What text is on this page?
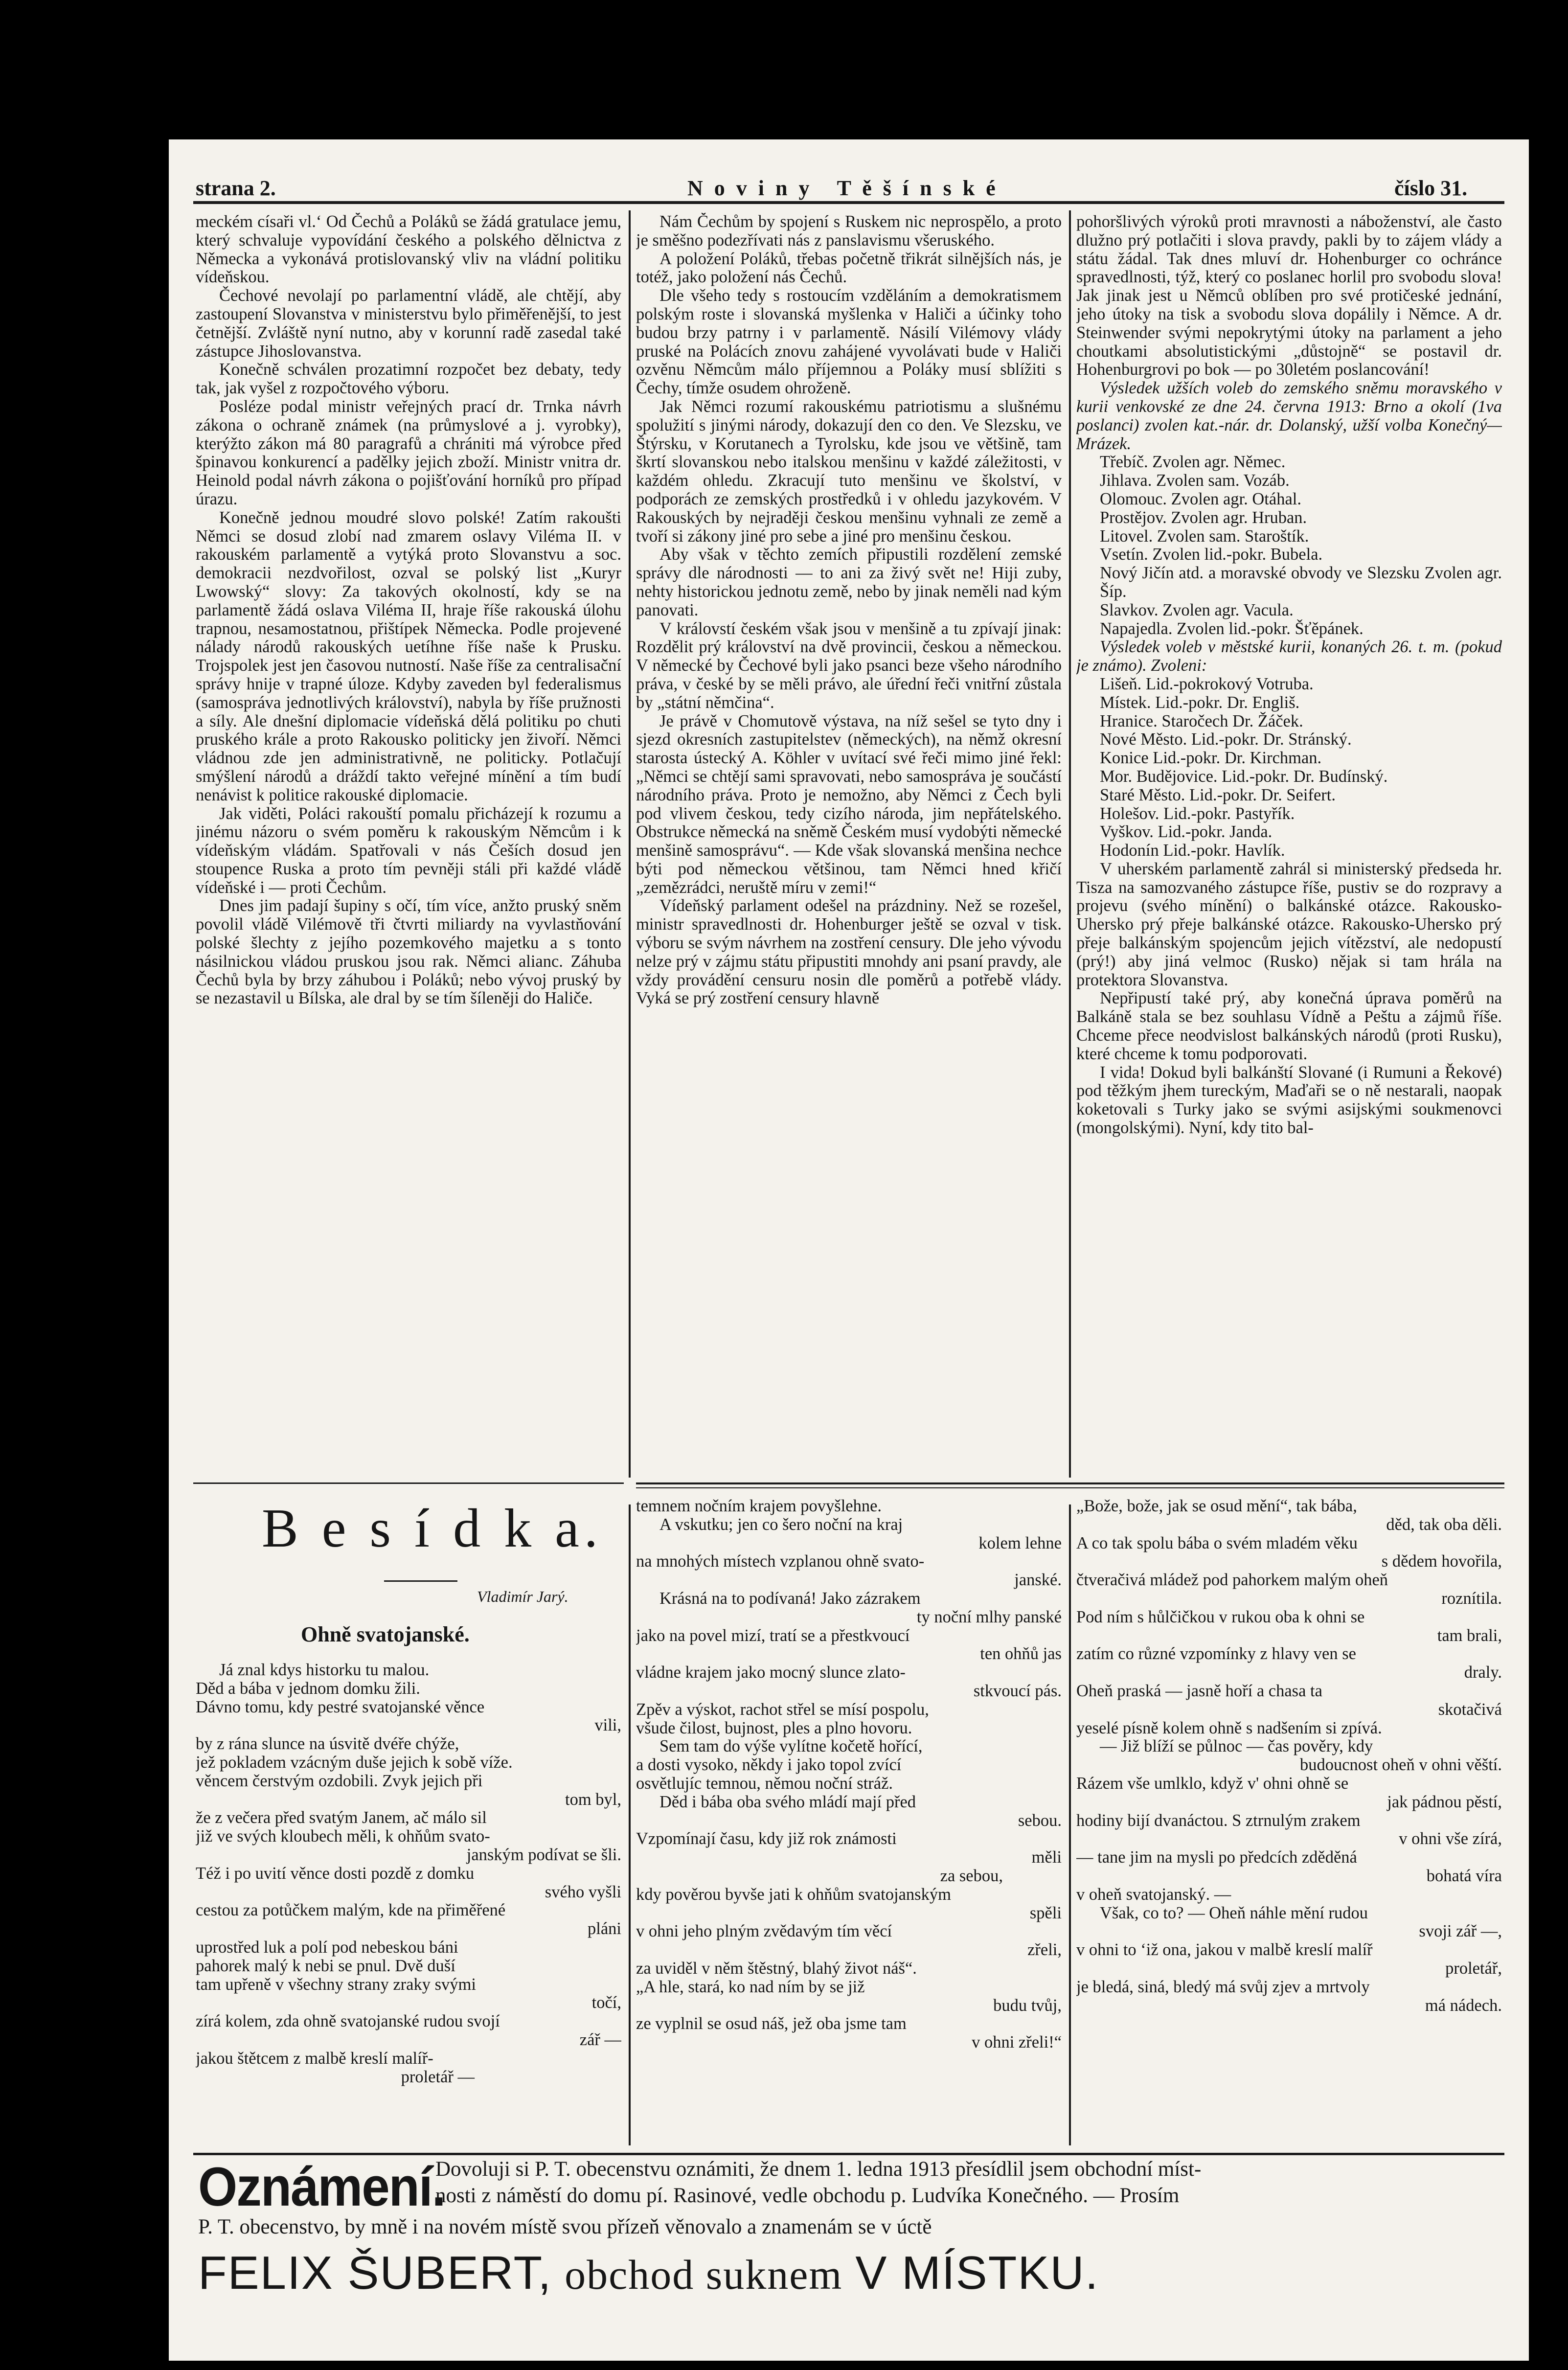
strana 2.	N o v i n y   T ě š í n s k é	číslo 31.

meckém císaři vl.‘ Od Čechů a Poláků se žádá gratulace jemu, který schvaluje vypovídání českého a polského dělnictva z Německa a vykonává protislovanský vliv na vládní politiku vídeňskou.

Čechové nevolají po parlamentní vládě, ale chtějí, aby zastoupení Slovanstva v ministerstvu bylo přiměřenější, to jest četnější. Zvláště nyní nutno, aby v korunní radě zasedal také zástupce Jihoslovanstva.

Konečně schválen prozatimní rozpočet bez debaty, tedy tak, jak vyšel z rozpočtového výboru.

Posléze podal ministr veřejných prací dr. Trnka návrh zákona o ochraně známek (na průmyslové a j. vyrobky), kterýžto zákon má 80 paragrafů a chrániti má výrobce před špinavou konkurencí a padělky jejich zboží. Ministr vnitra dr. Heinold podal návrh zákona o pojišťování horníků pro případ úrazu.

Konečně jednou moudré slovo polské! Zatím rakoušti Němci se dosud zlobí nad zmarem oslavy Viléma II. v rakouském parlamentě a vytýká proto Slovanstvu a soc. demokracii nezdvořilost, ozval se polský list „Kuryr Lwowský“ slovy: Za takových okolností, kdy se na parlamentě žádá oslava Viléma II, hraje říše rakouská úlohu trapnou, nesamostatnou, přištípek Německa. Podle projevené nálady národů rakouských uetíhne říše naše k Prusku. Trojspolek jest jen časovou nutností. Naše říše za centralisační správy hnije v trapné úloze. Kdyby zaveden byl federalismus (samospráva jednotlivých království), nabyla by říše pružnosti a síly. Ale dnešní diplomacie vídeňská dělá politiku po chuti pruského krále a proto Rakousko politicky jen živoří. Němci vládnou zde jen administrativně, ne politicky. Potlačují smýšlení národů a dráždí takto veřejné mínění a tím budí nenávist k politice rakouské diplomacie.

Jak viděti, Poláci rakouští pomalu přicházejí k rozumu a jinému názoru o svém poměru k rakouským Němcům i k vídeňským vládám. Spatřovali v nás Češích dosud jen stoupence Ruska a proto tím pevněji stáli při každé vládě vídeňské i — proti Čechům.

Dnes jim padají šupiny s očí, tím více, anžto pruský sněm povolil vládě Vilémově tři čtvrti miliardy na vyvlastňování polské šlechty z jejího pozemkového majetku a s tonto násilnickou vládou pruskou jsou rak. Němci alianc. Záhuba Čechů byla by brzy záhubou i Poláků; nebo vývoj pruský by se nezastavil u Bílska, ale dral by se tím šíleněji do Haliče.

Nám Čechům by spojení s Ruskem nic neprospělo, a proto je směšno podezřívati nás z panslavismu všeruského.

A položení Poláků, třebas početně třikrát silnějších nás, je totéž, jako položení nás Čechů.

Dle všeho tedy s rostoucím vzděláním a demokratismem polským roste i slovanská myšlenka v Haliči a účinky toho budou brzy patrny i v parlamentě. Násilí Vilémovy vlády pruské na Polácích znovu zahájené vyvolávati bude v Haliči ozvěnu Němcům málo příjemnou a Poláky musí sblížiti s Čechy, tímže osudem ohroženě.

Jak Němci rozumí rakouskému patriotismu a slušnému spolužití s jinými národy, dokazují den co den. Ve Slezsku, ve Štýrsku, v Korutanech a Tyrolsku, kde jsou ve většině, tam škrtí slovanskou nebo italskou menšinu v každé záležitosti, v každém ohledu. Zkracují tuto menšinu ve školství, v podporách ze zemských prostředků i v ohledu jazykovém. V Rakouských by nejraději českou menšinu vyhnali ze země a tvoří si zákony jiné pro sebe a jiné pro menšinu českou.

Aby však v těchto zemích připustili rozdělení zemské správy dle národnosti — to ani za živý svět ne! Hiji zuby, nehty historickou jednotu země, nebo by jinak neměli nad kým panovati.

V královstí českém však jsou v menšině a tu zpívají jinak: Rozdělit prý království na dvě provincii, českou a německou. V německé by Čechové byli jako psanci beze všeho národního práva, v české by se měli právo, ale úřední řeči vnitřní zůstala by „státní němčina“.

Je právě v Chomutově výstava, na níž sešel se tyto dny i sjezd okresních zastupitelstev (německých), na němž okresní starosta ústecký A. Köhler v uvítací své řeči mimo jiné řekl: „Němci se chtějí sami spravovati, nebo samospráva je součástí národního práva. Proto je nemožno, aby Němci z Čech byli pod vlivem českou, tedy cizího národa, jim nepřátelského. Obstrukce německá na sněmě Českém musí vydobýti německé menšině samosprávu“. — Kde však slovanská menšina nechce býti pod německou většinou, tam Němci hned křičí „zemězrádci, neruště míru v zemi!“

Vídeňský parlament odešel na prázdniny. Než se rozešel, ministr spravedlnosti dr. Hohenburger ještě se ozval v tisk. výboru se svým návrhem na zostření censury. Dle jeho vývodu nelze prý v zájmu státu připustiti mnohdy ani psaní pravdy, ale vždy provádění censuru nosin dle poměrů a potřebě vlády. Vyká se prý zostření censury hlavně

pohoršlivých výroků proti mravnosti a náboženství, ale často dlužno prý potlačiti i slova pravdy, pakli by to zájem vlády a státu žádal. Tak dnes mluví dr. Hohenburger co ochránce spravedlnosti, týž, který co poslanec horlil pro svobodu slova! Jak jinak jest u Němců oblíben pro své protičeské jednání, jeho útoky na tisk a svobodu slova dopálily i Němce. A dr. Steinwender svými nepokrytými útoky na parlament a jeho choutkami absolutistickými „důstojně“ se postavil dr. Hohenburgrovi po bok — po 30letém poslancování!

Výsledek užších voleb do zemského sněmu moravského v kurii venkovské ze dne 24. června 1913: Brno a okolí (1va poslanci) zvolen kat.-nár. dr. Dolanský, užší volba Konečný—Mrázek.

Třebíč. Zvolen agr. Němec.
Jihlava. Zvolen sam. Vozáb.
Olomouc. Zvolen agr. Otáhal.
Prostějov. Zvolen agr. Hruban.
Litovel. Zvolen sam. Staroštík.
Vsetín. Zvolen lid.-pokr. Bubela.
Nový Jičín atd. a moravské obvody ve Slezsku Zvolen agr. Šíp.
Slavkov. Zvolen agr. Vacula.
Napajedla. Zvolen lid.-pokr. Šťěpánek.

Výsledek voleb v městské kurii, konaných 26. t. m. (pokud je známo). Zvoleni:

Lišeň. Lid.-pokrokový Votruba.
Místek. Lid.-pokr. Dr. Engliš.
Hranice. Staročech Dr. Žáček.
Nové Město. Lid.-pokr. Dr. Stránský.
Konice Lid.-pokr. Dr. Kirchman.
Mor. Budějovice. Lid.-pokr. Dr. Budínský.
Staré Město. Lid.-pokr. Dr. Seifert.
Holešov. Lid.-pokr. Pastyřík.
Vyškov. Lid.-pokr. Janda.
Hodonín Lid.-pokr. Havlík.

V uherském parlamentě zahrál si ministerský předseda hr. Tisza na samozvaného zástupce říše, pustiv se do rozpravy a projevu (svého mínění) o balkánské otázce. Rakousko-Uhersko prý přeje balkánské otázce. Rakousko-Uhersko prý přeje balkánským spojencům jejich vítězství, ale nedopustí (prý!) aby jiná velmoc (Rusko) nějak si tam hrála na protektora Slovanstva.

Nepřipustí také prý, aby konečná úprava poměrů na Balkáně stala se bez souhlasu Vídně a Peštu a zájmů říše. Chceme přece neodvislost balkánských národů (proti Rusku), které chceme k tomu podporovati.

I vida! Dokud byli balkánští Slované (i Rumuni a Řekové) pod těžkým jhem tureckým, Maďaři se o ně nestarali, naopak koketovali s Turky jako se svými asijskými soukmenovci (mongolskými). Nyní, kdy tito bal-

B e s í d k a.
Vladimír Jarý.
Ohně svatojanské.
Já znal kdys historku tu malou.
Děd a bába v jednom domku žili.
Dávno tomu, kdy pestré svatojanské věnce
vili,
by z rána slunce na úsvitě dvéře chýže,
jež pokladem vzácným duše jejich k sobě víže.
věncem čerstvým ozdobili. Zvyk jejich při
tom byl,
že z večera před svatým Janem, ač málo sil
již ve svých kloubech měli, k ohňům svato-
janským podívat se šli.
Též i po uvití věnce dosti pozdě z domku
svého vyšli
cestou za potůčkem malým, kde na přiměřené
pláni
uprostřed luk a polí pod nebeskou báni
pahorek malý k nebi se pnul. Dvě duší
tam upřeně v všechny strany zraky svými
točí,
zírá kolem, zda ohně svatojanské rudou svojí
zář —
jakou štětcem z malbě kreslí malíř-
proletář —
temnem nočním krajem povyšlehne.
A vskutku; jen co šero noční na kraj
kolem lehne
na mnohých místech vzplanou ohně svato-
janské.
Krásná na to podívaná! Jako zázrakem
ty noční mlhy panské
jako na povel mizí, tratí se a přestkvoucí
ten ohňů jas
vládne krajem jako mocný slunce zlato-
stkvoucí pás.
Zpěv a výskot, rachot střel se mísí pospolu,
všude čilost, bujnost, ples a plno hovoru.
Sem tam do výše vylítne kočetě hořící,
a dosti vysoko, někdy i jako topol zvící
osvětlujíc temnou, němou noční stráž.
Děd i bába oba svého mládí mají před
sebou.
Vzpomínají času, kdy již rok známosti
měli
za sebou,
kdy pověrou byvše jati k ohňům svatojanským
spěli
v ohni jeho plným zvědavým tím věcí
zřeli,
za uviděl v něm štěstný, blahý život náš“.
„A hle, stará, ko nad ním by se již
budu tvůj,
ze vyplnil se osud náš, jež oba jsme tam
v ohni zřeli!“
„Bože, bože, jak se osud mění“, tak bába,
děd, tak oba děli.
A co tak spolu bába o svém mladém věku
s dědem hovořila,
čtveračivá mládež pod pahorkem malým oheň
roznítila.
Pod ním s hůlčičkou v rukou oba k ohni se
tam brali,
zatím co různé vzpomínky z hlavy ven se
draly.
Oheň praská — jasně hoří a chasa ta
skotačivá
yeselé písně kolem ohně s nadšením si zpívá.
— Již blíží se půlnoc — čas pověry, kdy
budoucnost oheň v ohni věští.
Rázem vše umlklo, když v' ohni ohně se
jak pádnou pěstí,
hodiny bijí dvanáctou. S ztrnulým zrakem
v ohni vše zírá,
— tane jim na mysli po předcích zděděná
bohatá víra
v oheň svatojanský. —
Však, co to? — Oheň náhle mění rudou
svoji zář —,
v ohni to ‘iž ona, jakou v malbě kreslí malíř
proletář,
je bledá, siná, bledý má svůj zjev a mrtvoly
má nádech.
Oznámení.
Dovoluji si P. T. obecenstvu oznámiti, že dnem 1. ledna 1913 přesídlil jsem obchodní míst-
nosti z náměstí do domu pí. Rasinové, vedle obchodu p. Ludvíka Konečného. — Prosím
P. T. obecenstvo, by mně i na novém místě svou přízeň věnovalo a znamenám se v úctě
FELIX ŠUBERT, obchod suknem V MÍSTKU.
